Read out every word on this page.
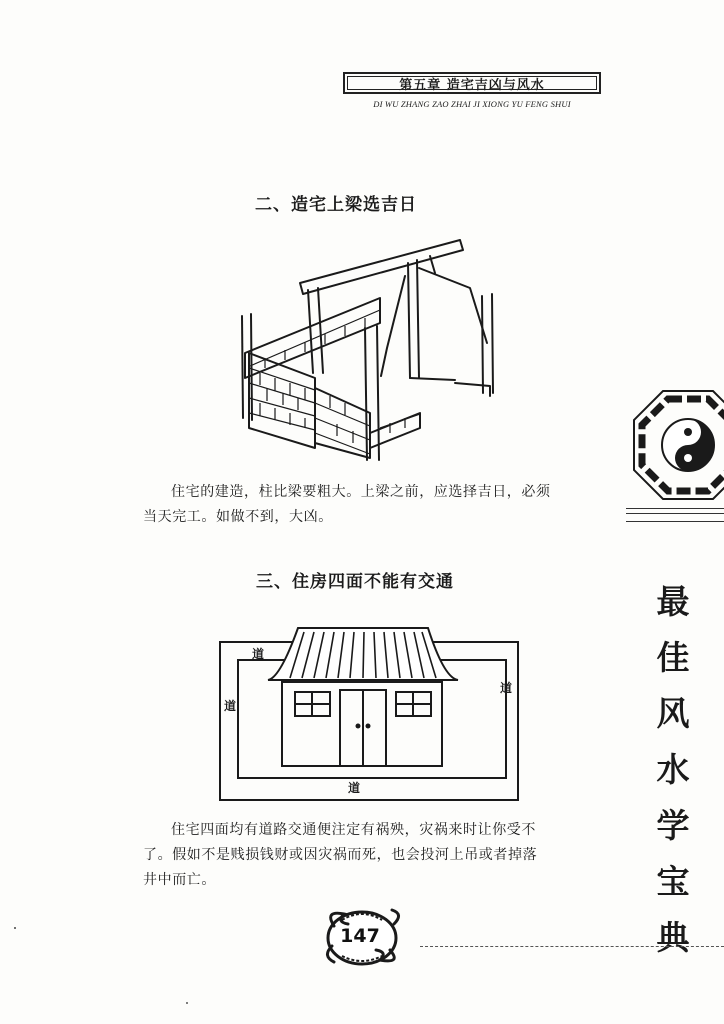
第五章 造宅吉凶与风水
DI WU ZHANG ZAO ZHAI JI XIONG YU FENG SHUI
二、造宅上梁选吉日
住宅的建造，柱比梁要粗大。上梁之前，应选择吉日，必须
当天完工。如做不到，大凶。
三、住房四面不能有交通
道
道
道
道
住宅四面均有道路交通便注定有祸殃，灾祸来时让你受不
了。假如不是贱损钱财或因灾祸而死，也会投河上吊或者掉落
井中而亡。
最
佳
风
水
学
宝
典
147
